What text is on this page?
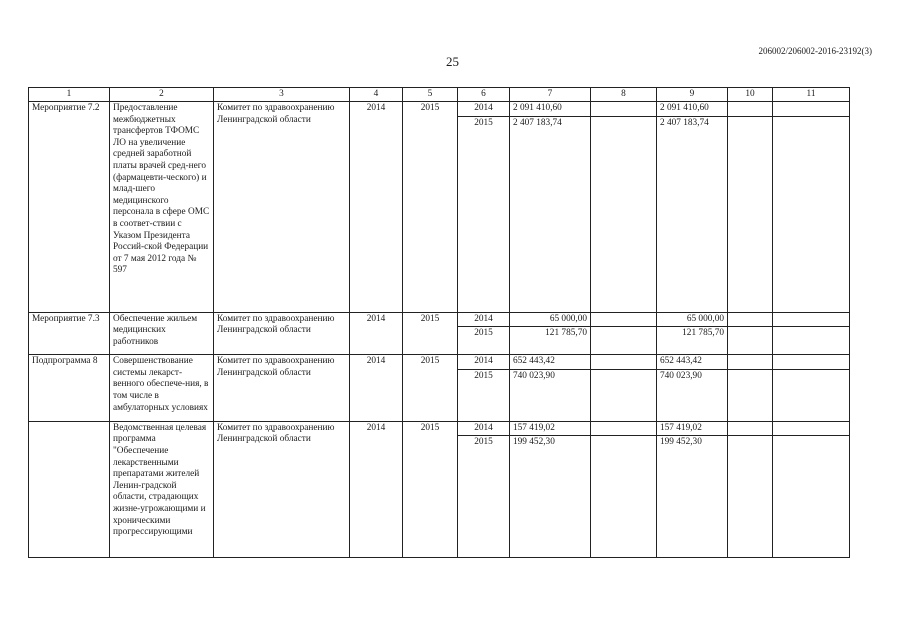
206002/206002-2016-23192(3)
25
1	2	3	4	5	6	7	8	9	10	11
Мероприятие 7.2	Предоставление межбюджетных трансфертов ТФОМС ЛО на увеличение средней заработной платы врачей сред-него (фармацевти-ческого) и млад-шего медицинского персонала в сфере ОМС в соответ-ствии с Указом Президента Россий-ской Федерации от 7 мая 2012 года № 597	Комитет по здравоохранению Ленинградской области	2014	2015	2014	2 091 410,60		2 091 410,60		
					2015	2 407 183,74		2 407 183,74		
Мероприятие 7.3	Обеспечение жильем медицинских работников	Комитет по здравоохранению Ленинградской области	2014	2015	2014	65 000,00		65 000,00		
					2015	121 785,70		121 785,70		
Подпрограмма 8	Совершенствование системы лекарст-венного обеспече-ния, в том числе в амбулаторных условиях	Комитет по здравоохранению Ленинградской области	2014	2015	2014	652 443,42		652 443,42		
					2015	740 023,90		740 023,90		
	Ведомственная целевая программа "Обеспечение лекарственными препаратами жителей Ленин-градской области, страдающих жизне-угрожающими и хроническими прогрессирующими	Комитет по здравоохранению Ленинградской области	2014	2015	2014	157 419,02		157 419,02		
					2015	199 452,30		199 452,30		
